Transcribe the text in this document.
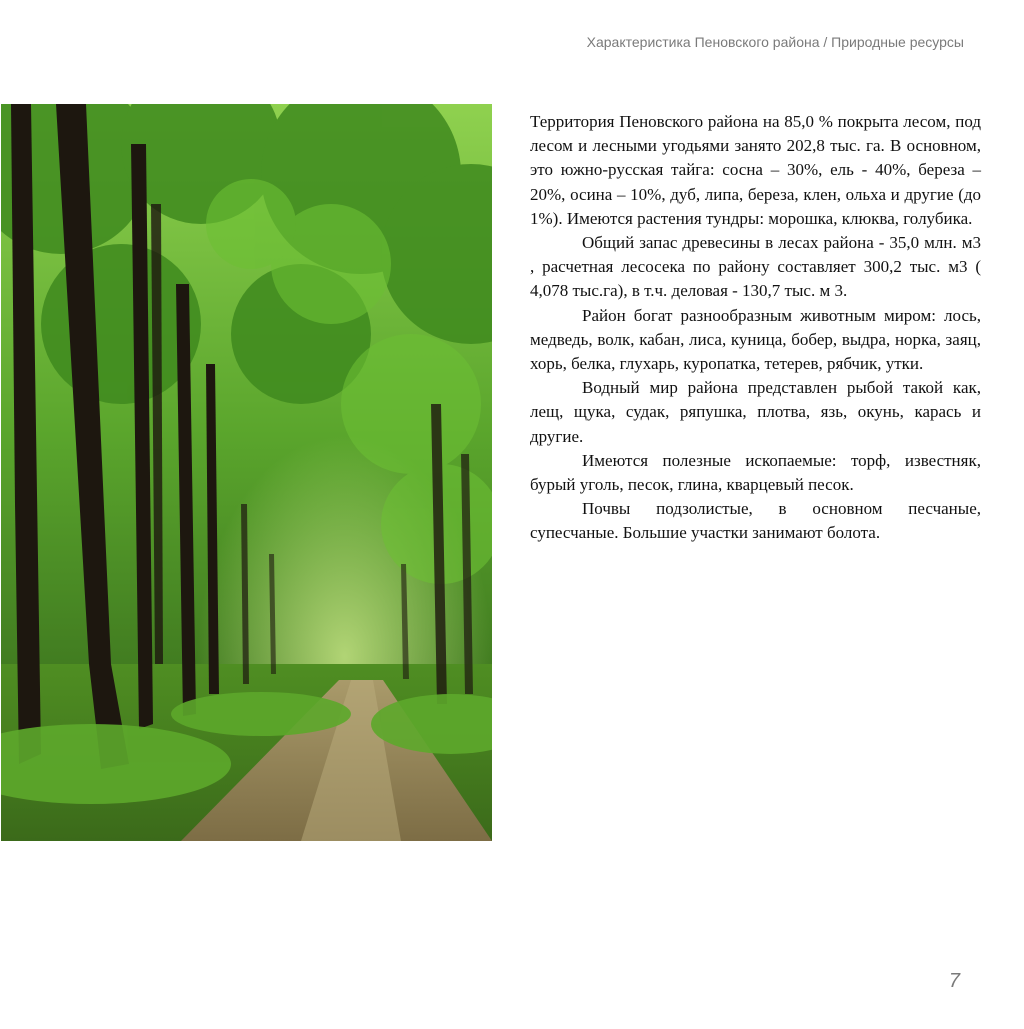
Характеристика Пеновского района / Природные ресурсы

Территория Пеновского района на 85,0 % покрыта лесом, под лесом и лесными угодьями занято 202,8 тыс. га. В основном, это южно-русская тайга: сосна – 30%, ель - 40%, береза – 20%, осина – 10%, дуб, липа, береза, клен, ольха и другие (до 1%). Имеются растения тундры: морошка, клюква, голубика.

Общий запас древесины в лесах района - 35,0 млн. м3 , расчетная лесосека по району составляет 300,2 тыс. м3 ( 4,078 тыс.га), в т.ч. деловая - 130,7 тыс. м 3.

Район богат разнообразным животным миром: лось, медведь, волк, кабан, лиса, куница, бобер, выдра, норка, заяц, хорь, белка, глухарь, куропатка, тетерев, рябчик, утки.

Водный мир района представлен рыбой такой как, лещ, щука, судак, ряпушка, плотва, язь, окунь, карась и другие.

Имеются полезные ископаемые: торф, известняк, бурый уголь, песок, глина, кварцевый песок.

Почвы подзолистые, в основном песчаные, супесчаные. Большие участки занимают болота.

7
